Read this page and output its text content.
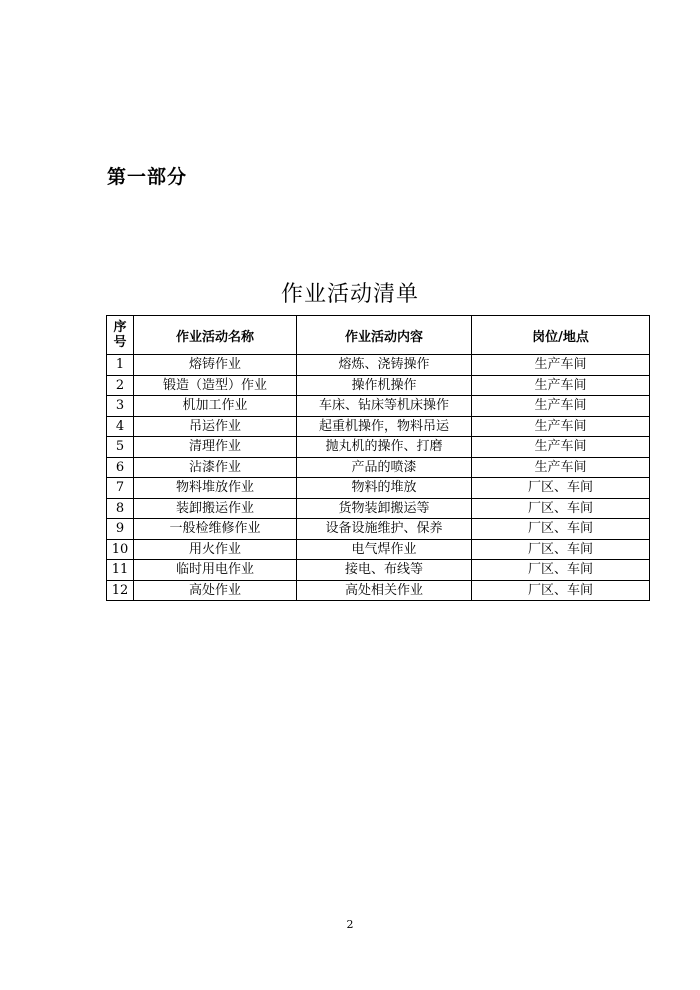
第一部分
作业活动清单
序号	作业活动名称	作业活动内容	岗位/地点
1	熔铸作业	熔炼、浇铸操作	生产车间
2	锻造（造型）作业	操作机操作	生产车间
3	机加工作业	车床、钻床等机床操作	生产车间
4	吊运作业	起重机操作，物料吊运	生产车间
5	清理作业	抛丸机的操作、打磨	生产车间
6	沾漆作业	产品的喷漆	生产车间
7	物料堆放作业	物料的堆放	厂区、车间
8	装卸搬运作业	货物装卸搬运等	厂区、车间
9	一般检维修作业	设备设施维护、保养	厂区、车间
10	用火作业	电气焊作业	厂区、车间
11	临时用电作业	接电、布线等	厂区、车间
12	高处作业	高处相关作业	厂区、车间
2
